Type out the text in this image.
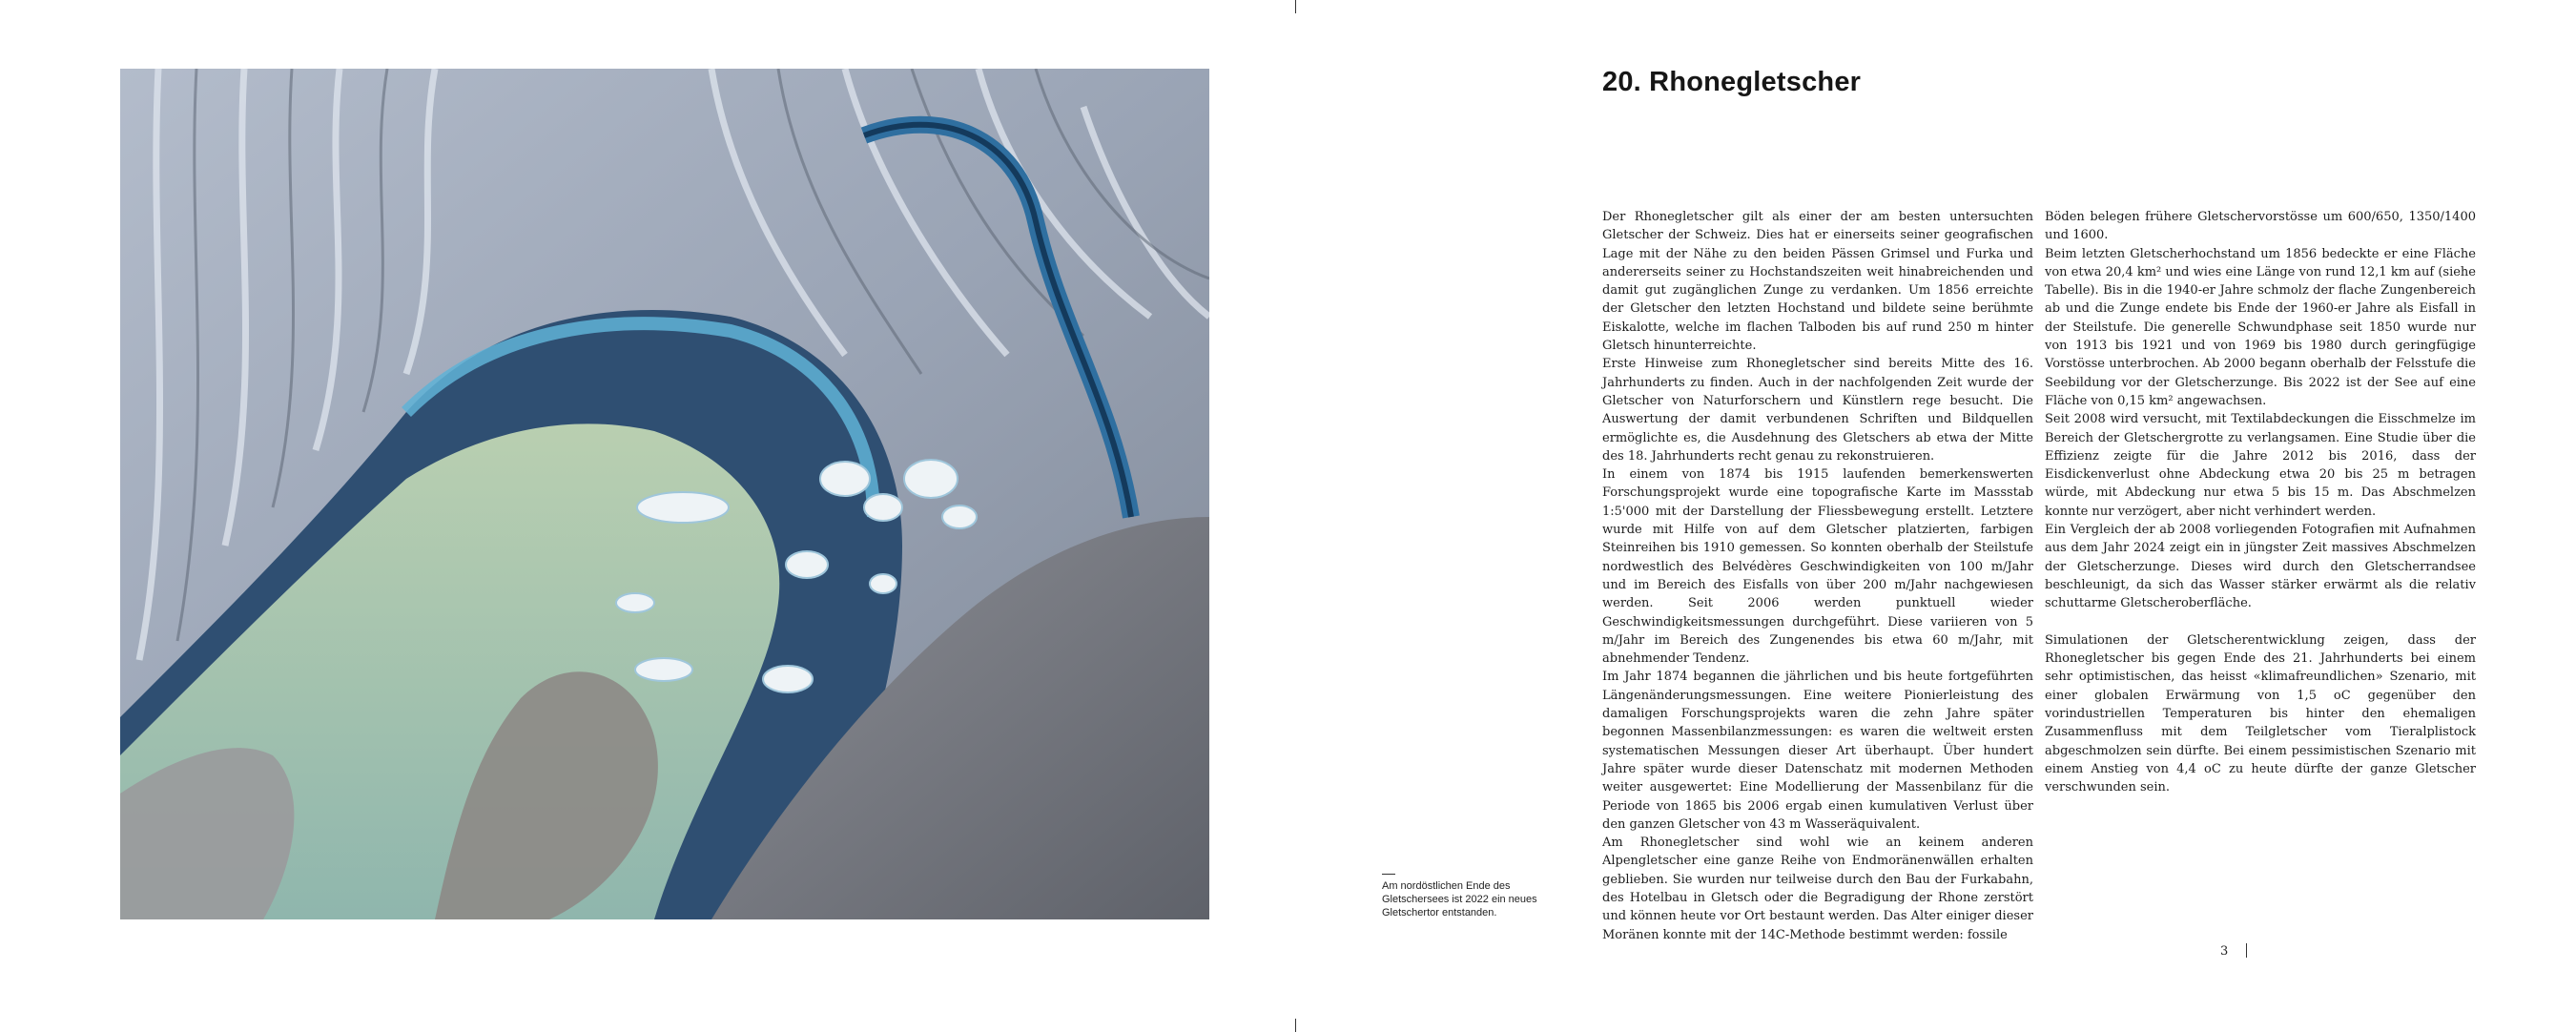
Am nordöstlichen Ende des Gletschersees ist 2022 ein neues Gletschertor entstanden.
20. Rhonegletscher

Der Rhonegletscher gilt als einer der am besten untersuchten Gletscher der Schweiz. Dies hat er einerseits seiner geografischen Lage mit der Nähe zu den beiden Pässen Grimsel und Furka und andererseits seiner zu Hochstandszeiten weit hinabreichenden und damit gut zugänglichen Zunge zu verdanken. Um 1856 erreichte der Gletscher den letzten Hochstand und bildete seine berühmte Eiskalotte, welche im flachen Talboden bis auf rund 250 m hinter Gletsch hinunterreichte.

Erste Hinweise zum Rhonegletscher sind bereits Mitte des 16. Jahrhunderts zu finden. Auch in der nachfolgenden Zeit wurde der Gletscher von Naturforschern und Künstlern rege besucht. Die Auswertung der damit verbundenen Schriften und Bildquellen ermöglichte es, die Ausdehnung des Gletschers ab etwa der Mitte des 18. Jahrhunderts recht genau zu rekonstruieren.

In einem von 1874 bis 1915 laufenden bemerkenswerten Forschungsprojekt wurde eine topografische Karte im Massstab 1:5'000 mit der Darstellung der Fliessbewegung erstellt. Letztere wurde mit Hilfe von auf dem Gletscher platzierten, farbigen Steinreihen bis 1910 gemessen. So konnten oberhalb der Steilstufe nordwestlich des Belvédères Geschwindigkeiten von 100 m/Jahr und im Bereich des Eisfalls von über 200 m/Jahr nachgewiesen werden. Seit 2006 werden punktuell wieder Geschwindigkeitsmessungen durchgeführt. Diese variieren von 5 m/Jahr im Bereich des Zungenendes bis etwa 60 m/Jahr, mit abnehmender Tendenz.

Im Jahr 1874 begannen die jährlichen und bis heute fortgeführten Längenänderungsmessungen. Eine weitere Pionierleistung des damaligen Forschungsprojekts waren die zehn Jahre später begonnen Massenbilanzmessungen: es waren die weltweit ersten systematischen Messungen dieser Art überhaupt. Über hundert Jahre später wurde dieser Datenschatz mit modernen Methoden weiter ausgewertet: Eine Modellierung der Massenbilanz für die Periode von 1865 bis 2006 ergab einen kumulativen Verlust über den ganzen Gletscher von 43 m Wasseräquivalent.

Am Rhonegletscher sind wohl wie an keinem anderen Alpengletscher eine ganze Reihe von Endmoränenwällen erhalten geblieben. Sie wurden nur teilweise durch den Bau der Furkabahn, des Hotelbau in Gletsch oder die Begradigung der Rhone zerstört und können heute vor Ort bestaunt werden. Das Alter einiger dieser Moränen konnte mit der 14C-Methode bestimmt werden: fossile

Böden belegen frühere Gletschervorstösse um 600/650, 1350/1400 und 1600.

Beim letzten Gletscherhochstand um 1856 bedeckte er eine Fläche von etwa 20,4 km² und wies eine Länge von rund 12,1 km auf (siehe Tabelle). Bis in die 1940-er Jahre schmolz der flache Zungenbereich ab und die Zunge endete bis Ende der 1960-er Jahre als Eisfall in der Steilstufe. Die generelle Schwundphase seit 1850 wurde nur von 1913 bis 1921 und von 1969 bis 1980 durch geringfügige Vorstösse unterbrochen. Ab 2000 begann oberhalb der Felsstufe die Seebildung vor der Gletscherzunge. Bis 2022 ist der See auf eine Fläche von 0,15 km² angewachsen.

Seit 2008 wird versucht, mit Textilabdeckungen die Eisschmelze im Bereich der Gletschergrotte zu verlangsamen. Eine Studie über die Effizienz zeigte für die Jahre 2012 bis 2016, dass der Eisdickenverlust ohne Abdeckung etwa 20 bis 25 m betragen würde, mit Abdeckung nur etwa 5 bis 15 m. Das Abschmelzen konnte nur verzögert, aber nicht verhindert werden.

Ein Vergleich der ab 2008 vorliegenden Fotografien mit Aufnahmen aus dem Jahr 2024 zeigt ein in jüngster Zeit massives Abschmelzen der Gletscherzunge. Dieses wird durch den Gletscherrandsee beschleunigt, da sich das Wasser stärker erwärmt als die relativ schuttarme Gletscheroberfläche.

Simulationen der Gletscherentwicklung zeigen, dass der Rhonegletscher bis gegen Ende des 21. Jahrhunderts bei einem sehr optimistischen, das heisst «klimafreundlichen» Szenario, mit einer globalen Erwärmung von 1,5 oC gegenüber den vorindustriellen Temperaturen bis hinter den ehemaligen Zusammenfluss mit dem Teilgletscher vom Tieralplistock abgeschmolzen sein dürfte. Bei einem pessimistischen Szenario mit einem Anstieg von 4,4 oC zu heute dürfte der ganze Gletscher verschwunden sein.

3
